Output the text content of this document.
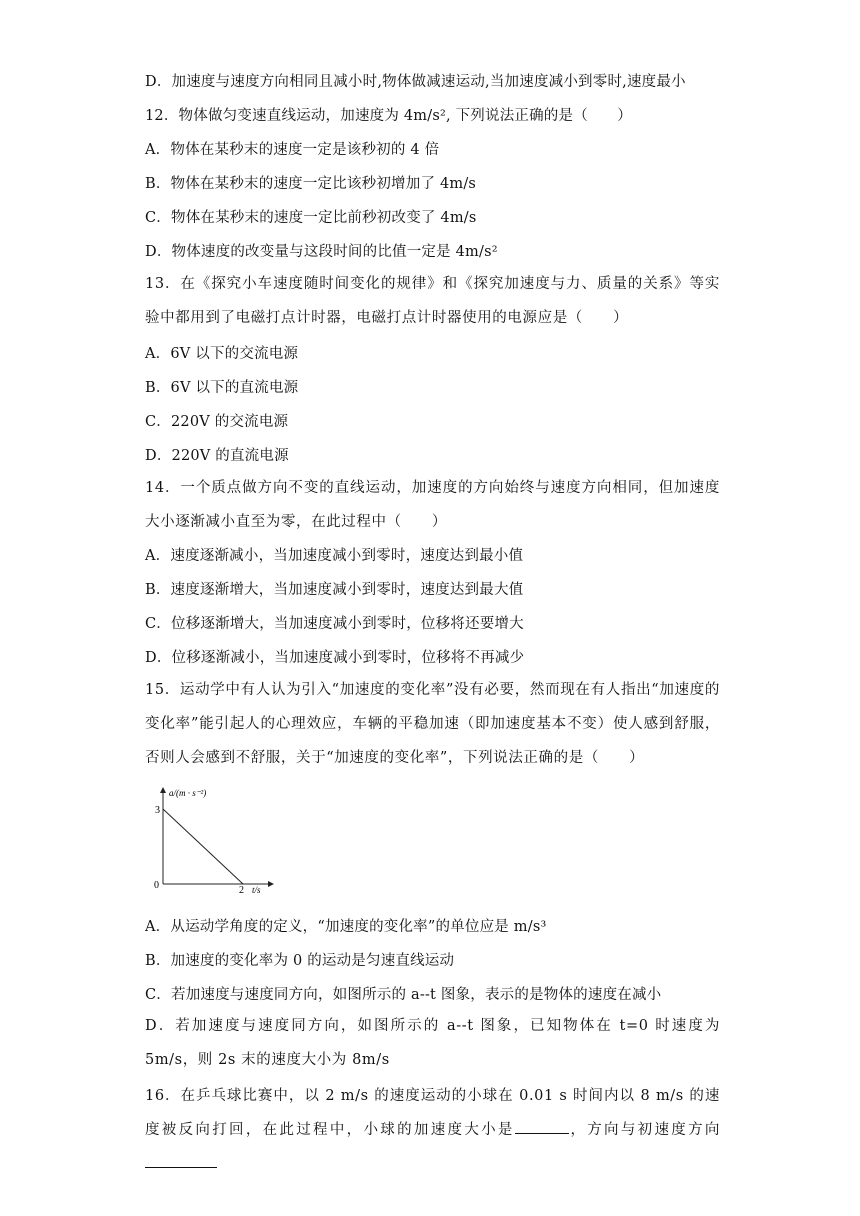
D．加速度与速度方向相同且减小时,物体做减速运动,当加速度减小到零时,速度最小
12．物体做匀变速直线运动，加速度为 4m/s², 下列说法正确的是（　　）
A．物体在某秒末的速度一定是该秒初的 4 倍
B．物体在某秒末的速度一定比该秒初增加了 4m/s
C．物体在某秒末的速度一定比前秒初改变了 4m/s
D．物体速度的改变量与这段时间的比值一定是 4m/s²
13．在《探究小车速度随时间变化的规律》和《探究加速度与力、质量的关系》等实验中都用到了电磁打点计时器，电磁打点计时器使用的电源应是（　　）
A．6V 以下的交流电源
B．6V 以下的直流电源
C．220V 的交流电源
D．220V 的直流电源
14．一个质点做方向不变的直线运动，加速度的方向始终与速度方向相同，但加速度大小逐渐减小直至为零，在此过程中（　　）
A．速度逐渐减小，当加速度减小到零时，速度达到最小值
B．速度逐渐增大，当加速度减小到零时，速度达到最大值
C．位移逐渐增大，当加速度减小到零时，位移将还要增大
D．位移逐渐减小，当加速度减小到零时，位移将不再减少
15．运动学中有人认为引入“加速度的变化率”没有必要，然而现在有人指出“加速度的变化率”能引起人的心理效应，车辆的平稳加速（即加速度基本不变）使人感到舒服，否则人会感到不舒服，关于“加速度的变化率”，下列说法正确的是（　　）
a/(m · s⁻²)
3
0	2 t/s
A．从运动学角度的定义，“加速度的变化率”的单位应是 m/s³
B．加速度的变化率为 0 的运动是匀速直线运动
C．若加速度与速度同方向，如图所示的 a--t 图象，表示的是物体的速度在减小
D．若加速度与速度同方向，如图所示的 a--t 图象，已知物体在 t=0 时速度为 5m/s，则 2s 末的速度大小为 8m/s
16．在乒乓球比赛中，以 2 m/s 的速度运动的小球在 0.01 s 时间内以 8 m/s 的速度被反向打回，在此过程中，小球的加速度大小是	，方向与初速度方向
